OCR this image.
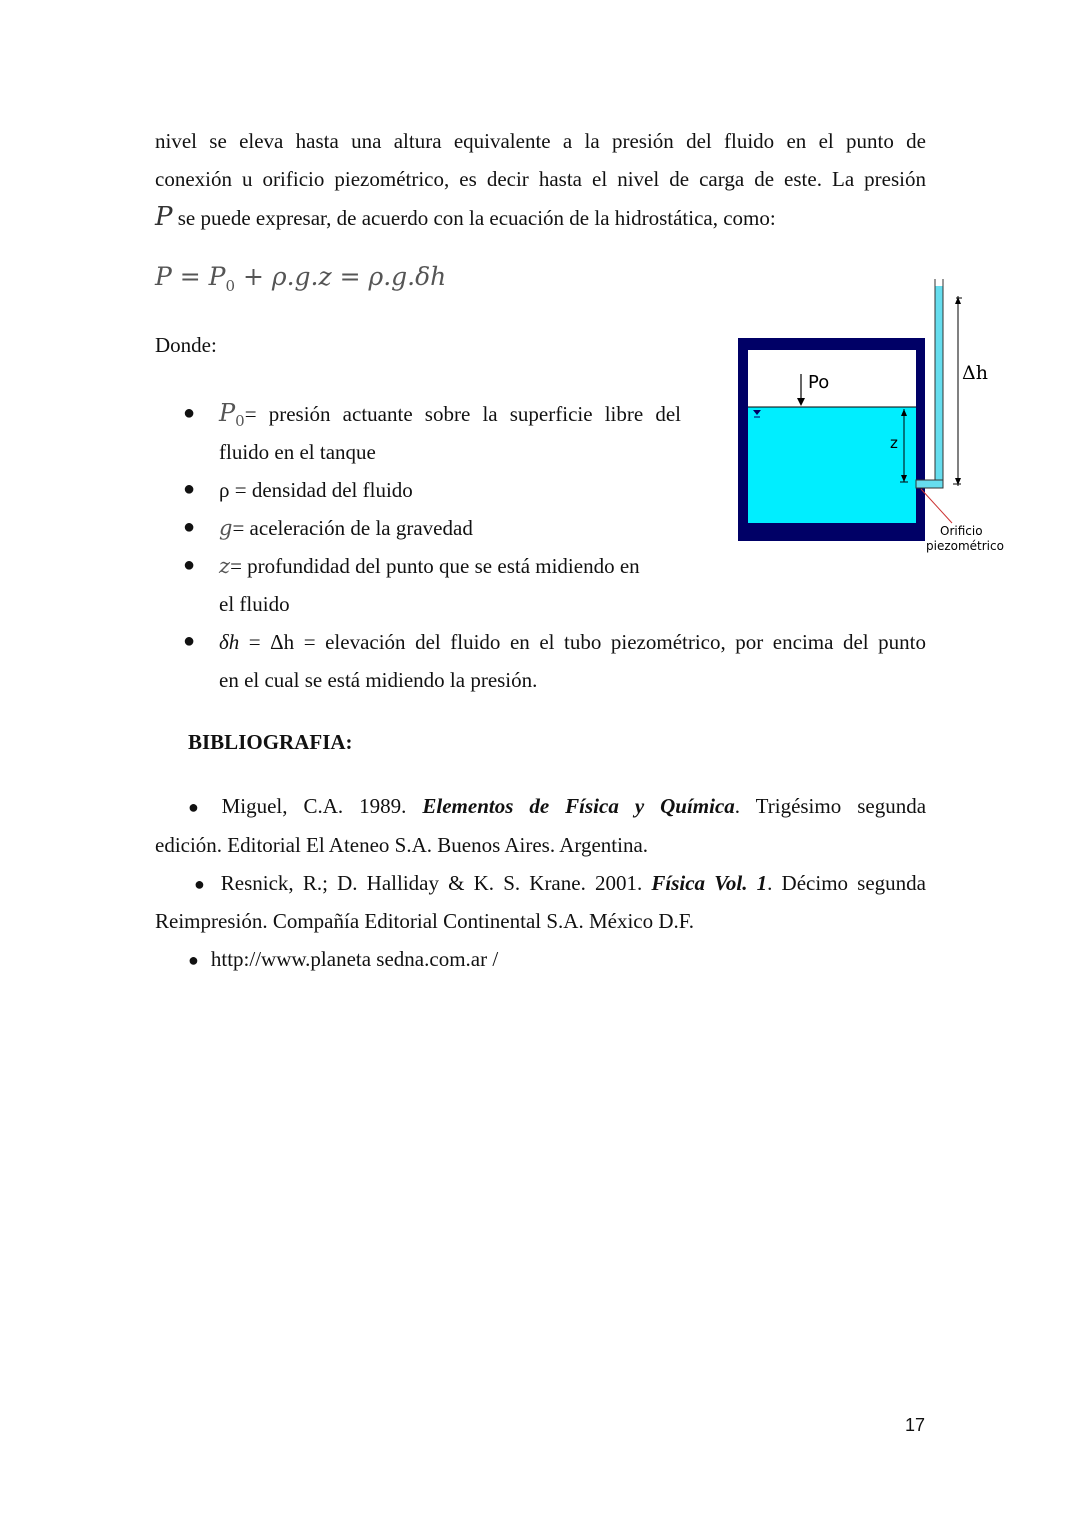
nivel se eleva hasta una altura equivalente a la presión del fluido en el punto de
conexión u orificio piezométrico, es decir hasta el nivel de carga de este. La presión
P se puede expresar, de acuerdo con la ecuación de la hidrostática, como:
$P = P_0 + \rho.g.z = \rho.g.\delta h$
Donde:
● $P_0=$ presión actuante sobre la superficie libre del
fluido en el tanque
● ρ = densidad del fluido
● g= aceleración de la gravedad
● z= profundidad del punto que se está midiendo en
el fluido
● δh = Δh = elevación del fluido en el tubo piezométrico, por encima del punto
en el cual se está midiendo la presión.
Po
z
Δh
Orificio
piezométrico
BIBLIOGRAFIA:
● Miguel, C.A. 1989. Elementos de Física y Química. Trigésimo segunda
edición. Editorial El Ateneo S.A. Buenos Aires. Argentina.
● Resnick, R.; D. Halliday & K. S. Krane. 2001. Física Vol. 1. Décimo segunda
Reimpresión. Compañía Editorial Continental S.A. México D.F.
● http://www.planeta sedna.com.ar /
17
